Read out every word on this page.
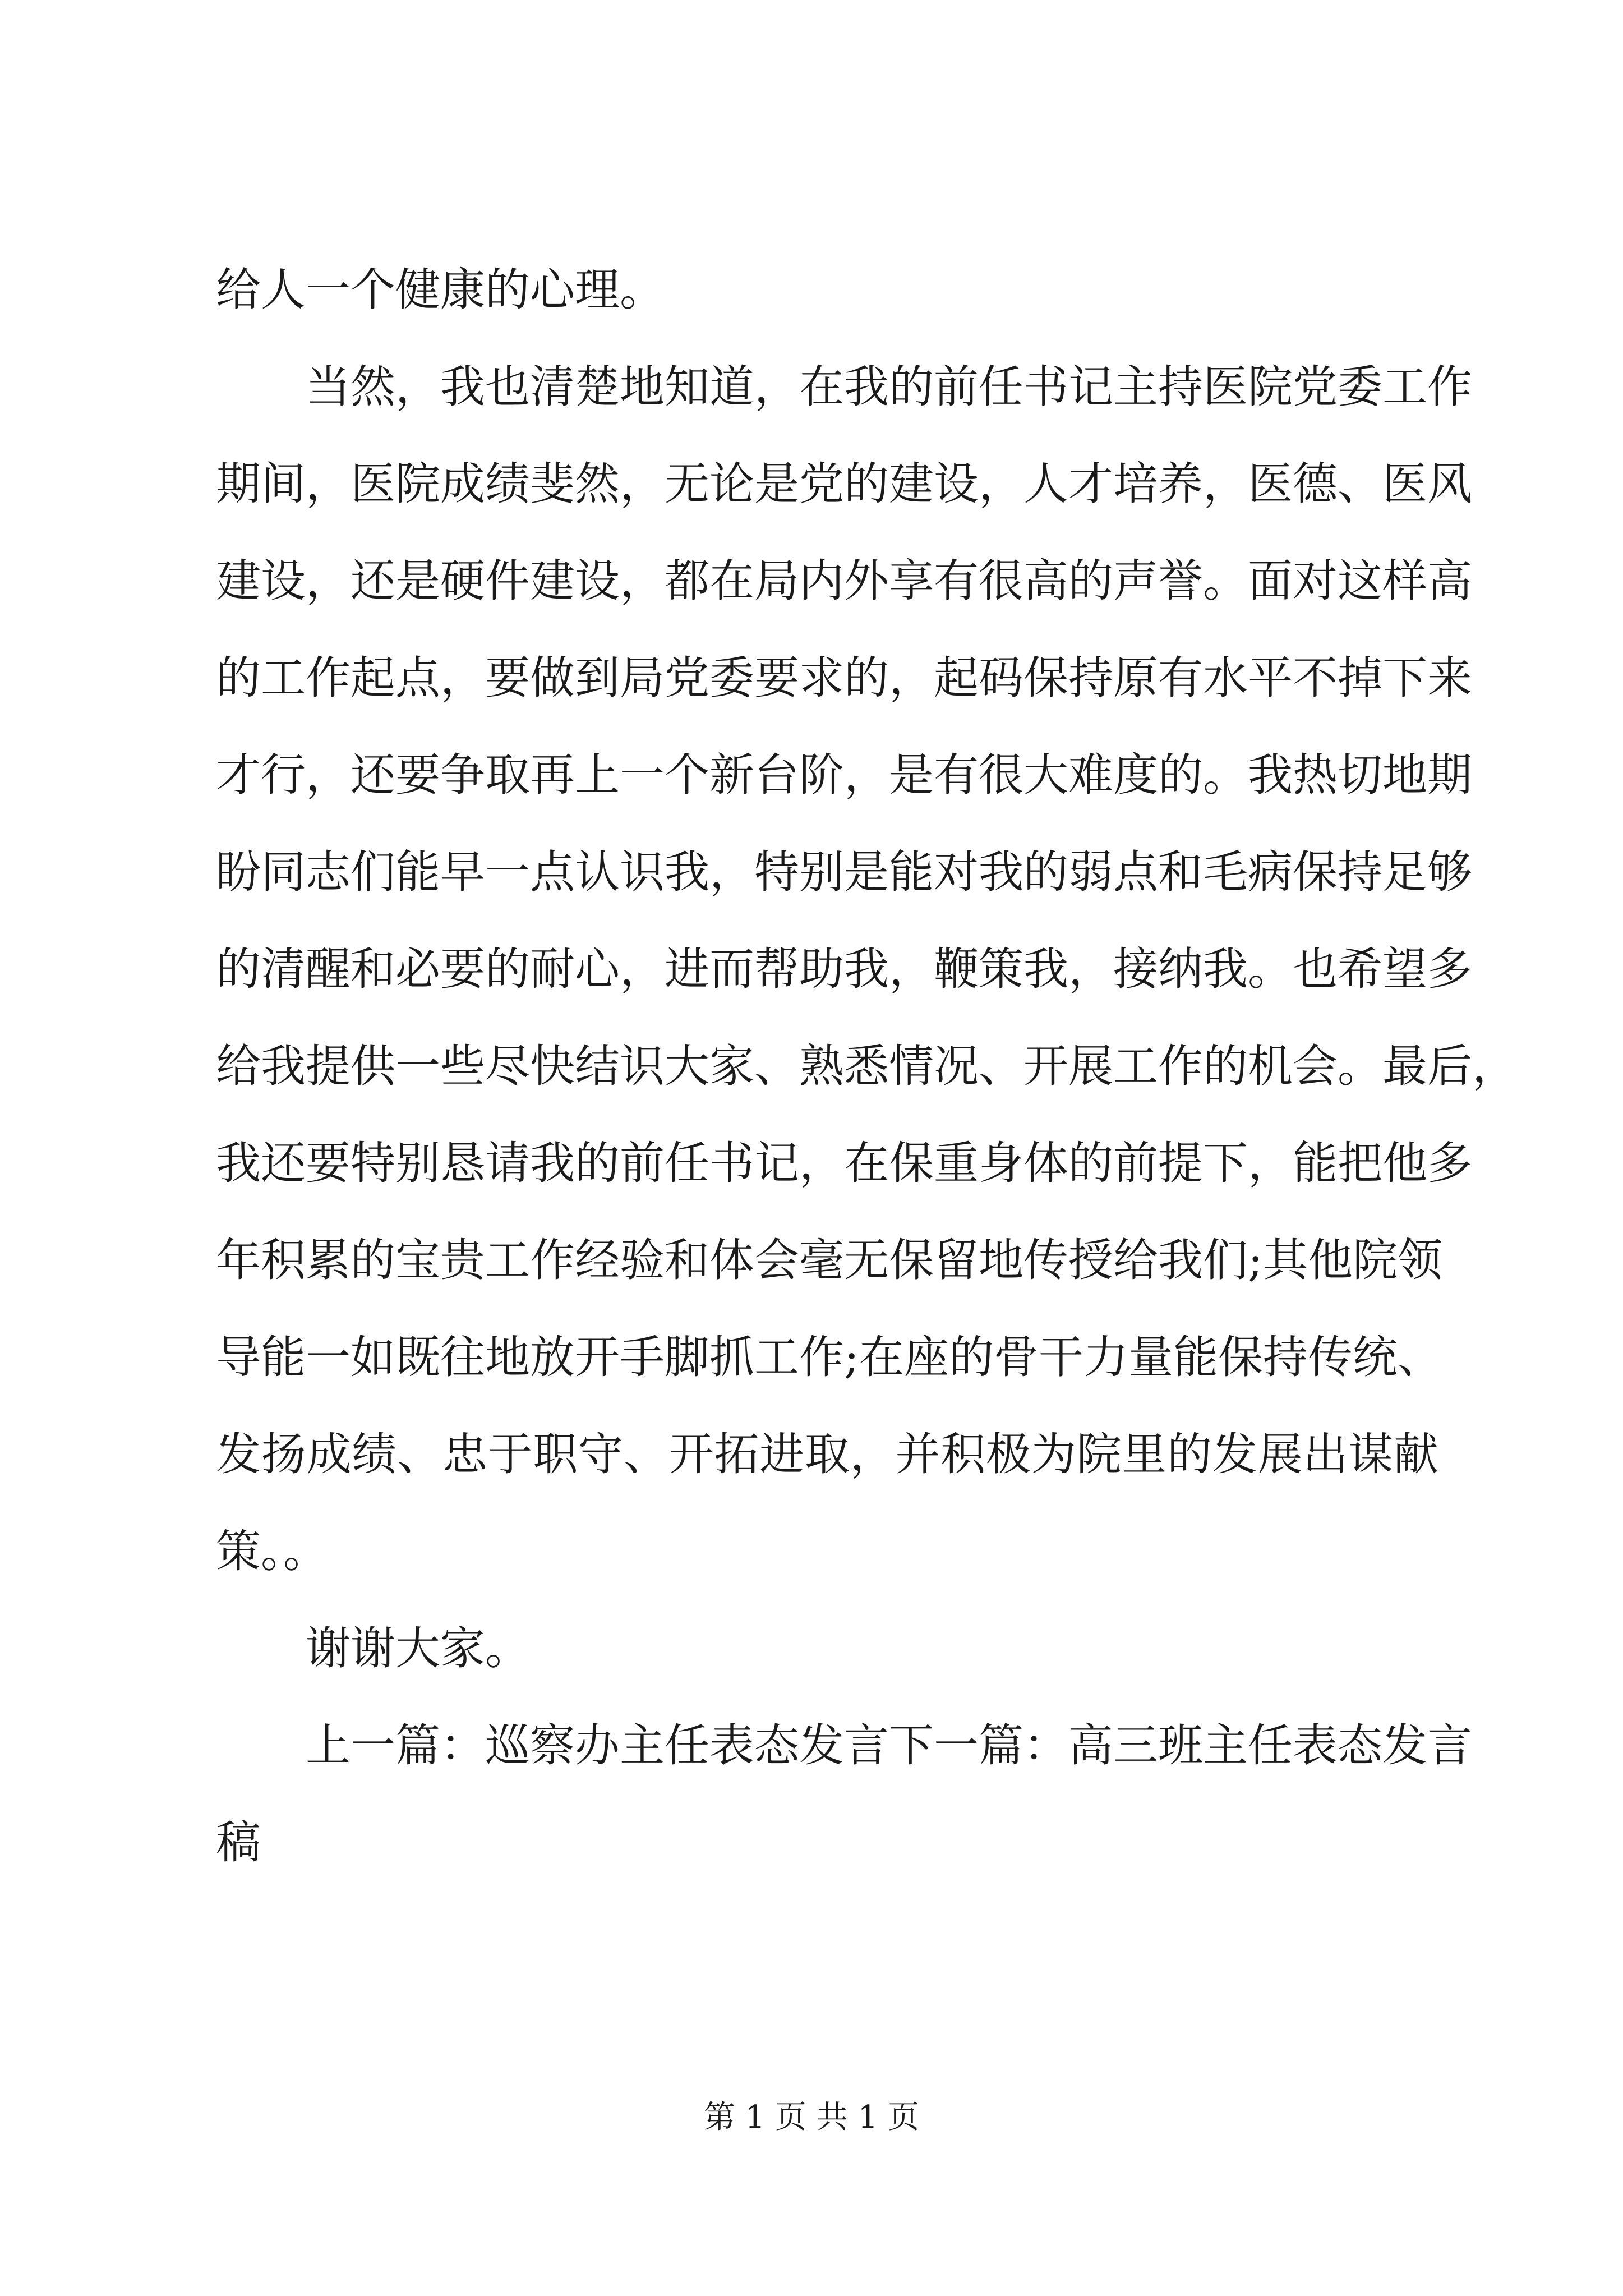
给人一个健康的心理。
当然，我也清楚地知道，在我的前任书记主持医院党委工作
期间，医院成绩斐然，无论是党的建设，人才培养，医德、医风
建设，还是硬件建设，都在局内外享有很高的声誉。面对这样高
的工作起点，要做到局党委要求的，起码保持原有水平不掉下来
才行，还要争取再上一个新台阶，是有很大难度的。我热切地期
盼同志们能早一点认识我，特别是能对我的弱点和毛病保持足够
的清醒和必要的耐心，进而帮助我，鞭策我，接纳我。也希望多
给我提供一些尽快结识大家、熟悉情况、开展工作的机会。最后，
我还要特别恳请我的前任书记，在保重身体的前提下，能把他多
年积累的宝贵工作经验和体会毫无保留地传授给我们;其他院领
导能一如既往地放开手脚抓工作;在座的骨干力量能保持传统、
发扬成绩、忠于职守、开拓进取，并积极为院里的发展出谋献
策。。
谢谢大家。
上一篇：巡察办主任表态发言下一篇：高三班主任表态发言
稿
第 1 页 共 1 页
